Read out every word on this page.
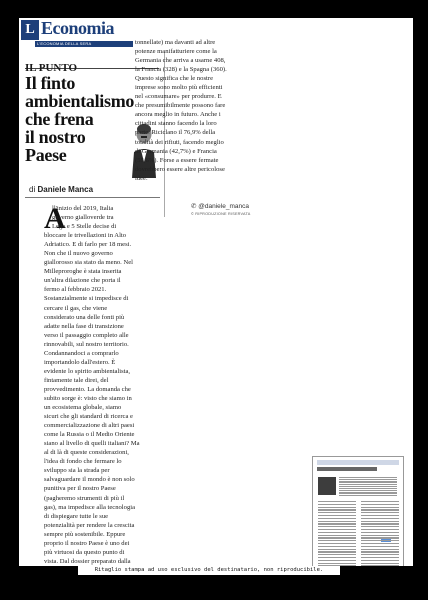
L Economia
L'ECONOMIA DELLA SERA

IL PUNTO

Il finto

ambientalismo

che frena

il nostro Paese

di Daniele Manca
A
ll'inizio del 2019, Italia
governo gialloverde tra
Lega e 5 Stelle decise di
bloccare le trivellazioni in Alto
Adriatico. E di farlo per 18 mesi.
Non che il nuovo governo
giallorosso sia stato da meno. Nel
Milleproroghe è stata inserita
un'altra dilazione che porta il
fermo al febbraio 2021.
Sostanzialmente si impedisce di
cercare il gas, che viene
considerato una delle fonti più
adatte nella fase di transizione
verso il passaggio completo alle
rinnovabili, sul nostro territorio.
Condannandoci a comprarlo
importandolo dall'estero. È
evidente lo spirito ambientalista,
fintamente tale direi, del
provvedimento. La domanda che
subito sorge è: visto che siamo in
un ecosistema globale, siamo
sicuri che gli standard di ricerca e
commercializzazione di altri paesi
come la Russia o il Medio Oriente
siano al livello di quelli italiani? Ma
al di là di queste considerazioni,
l'idea di fondo che fermare lo
sviluppo sia la strada per
salvaguardare il mondo è non solo
punitiva per il nostro Paese
(pagheremo strumenti di più il
gas), ma impedisce alla tecnologia
di dispiegare tutte le sue
potenzialità per rendere la crescita
sempre più sostenibile. Eppure
proprio il nostro Paese è uno dei
più virtuosi da questo punto di
vista. Dal dossier preparato dalla
tonnellate) ma davanti ad altre
potenze manifatturiere come la
Germania che arriva a usarne 408,
la Francia (328) e la Spagna (360).
Questo significa che le nostre
imprese sono molto più efficienti
nel «consumare» per produrre. E
che presumibilmente possono fare
ancora meglio in futuro. Anche i
cittadini stanno facendo la loro
parte. Riciclano il 76,9% della
totalità dei rifiuti, facendo meglio
di Germania (42,7%) e Francia
(55,6%). Forse a essere fermate
dovrebbero essere altre pericolose
idee.
✆ @daniele_manca
© RIPRODUZIONE RISERVATA
Ritaglio stampa ad uso esclusivo del destinatario, non riproducibile.
